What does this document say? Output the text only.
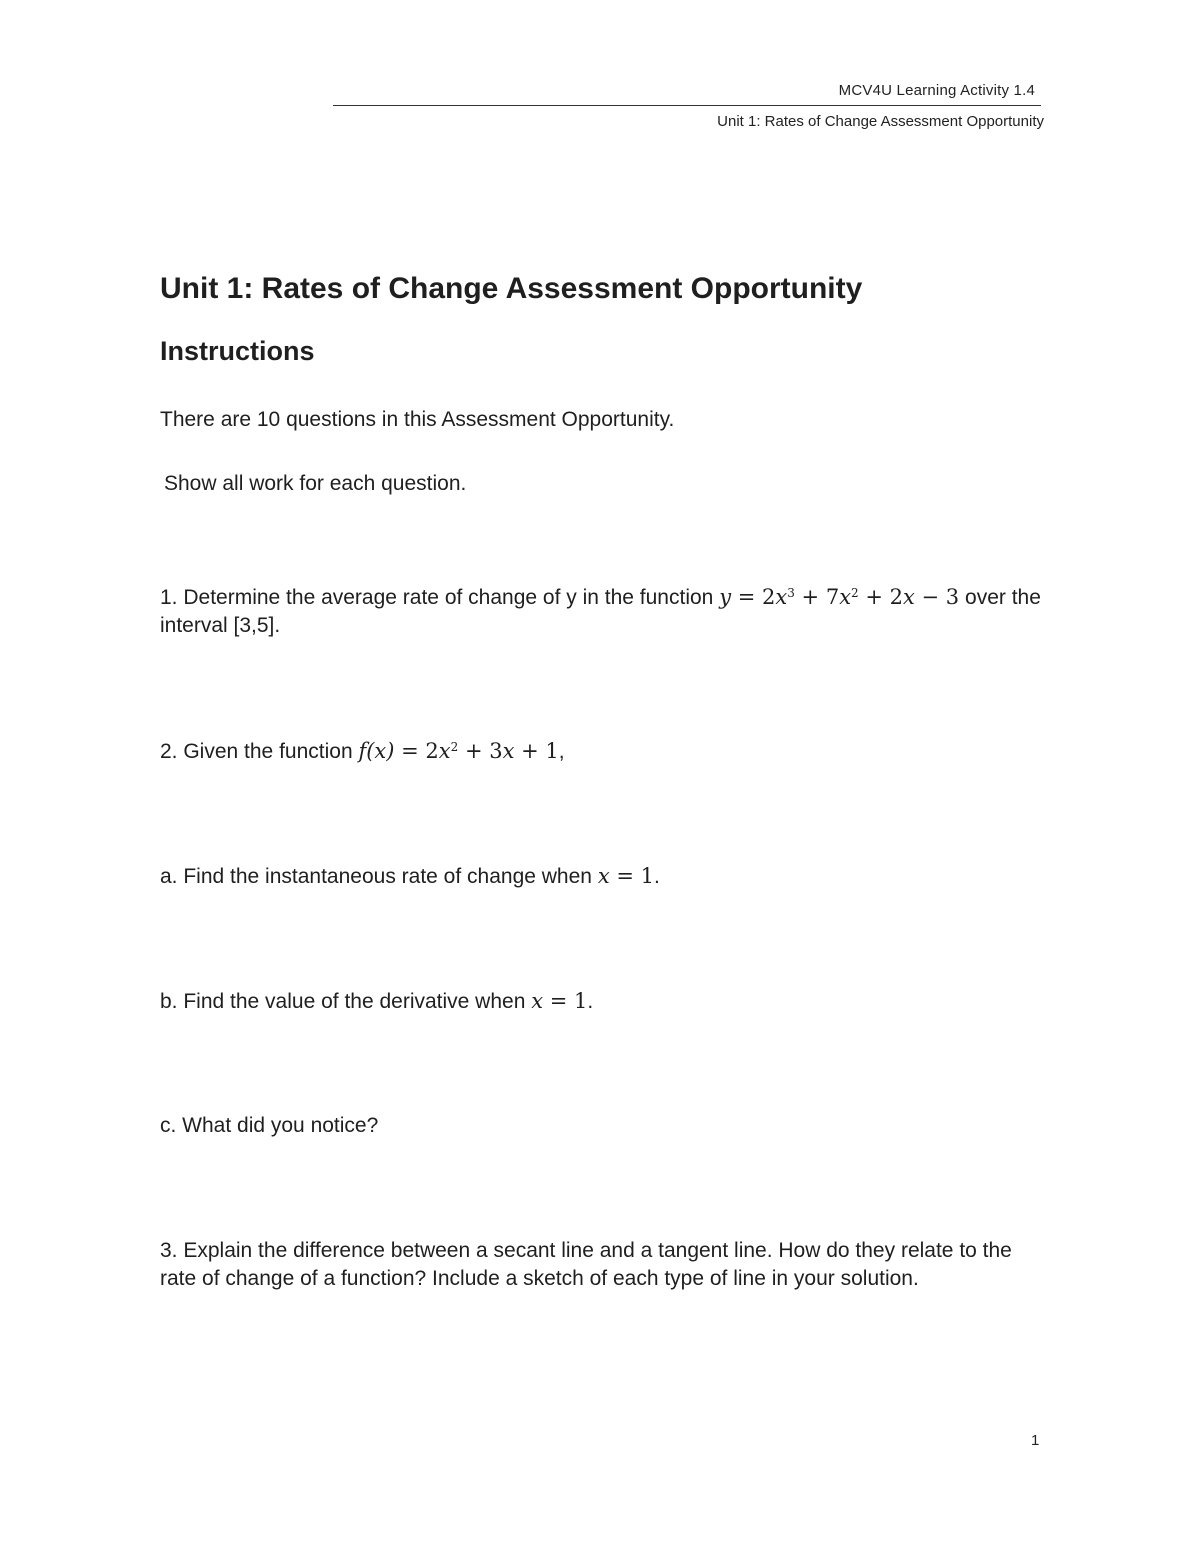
MCV4U Learning Activity 1.4
Unit 1: Rates of Change Assessment Opportunity
Unit 1: Rates of Change Assessment Opportunity
Instructions

There are 10 questions in this Assessment Opportunity.

Show all work for each question.

1. Determine the average rate of change of y in the function $y = 2x^3 + 7x^2 + 2x - 3$ over the interval [3,5].

2. Given the function $f(x) = 2x^2 + 3x + 1$,

a. Find the instantaneous rate of change when x = 1.

b. Find the value of the derivative when x = 1.

c. What did you notice?

3. Explain the difference between a secant line and a tangent line. How do they relate to the rate of change of a function? Include a sketch of each type of line in your solution.

1
